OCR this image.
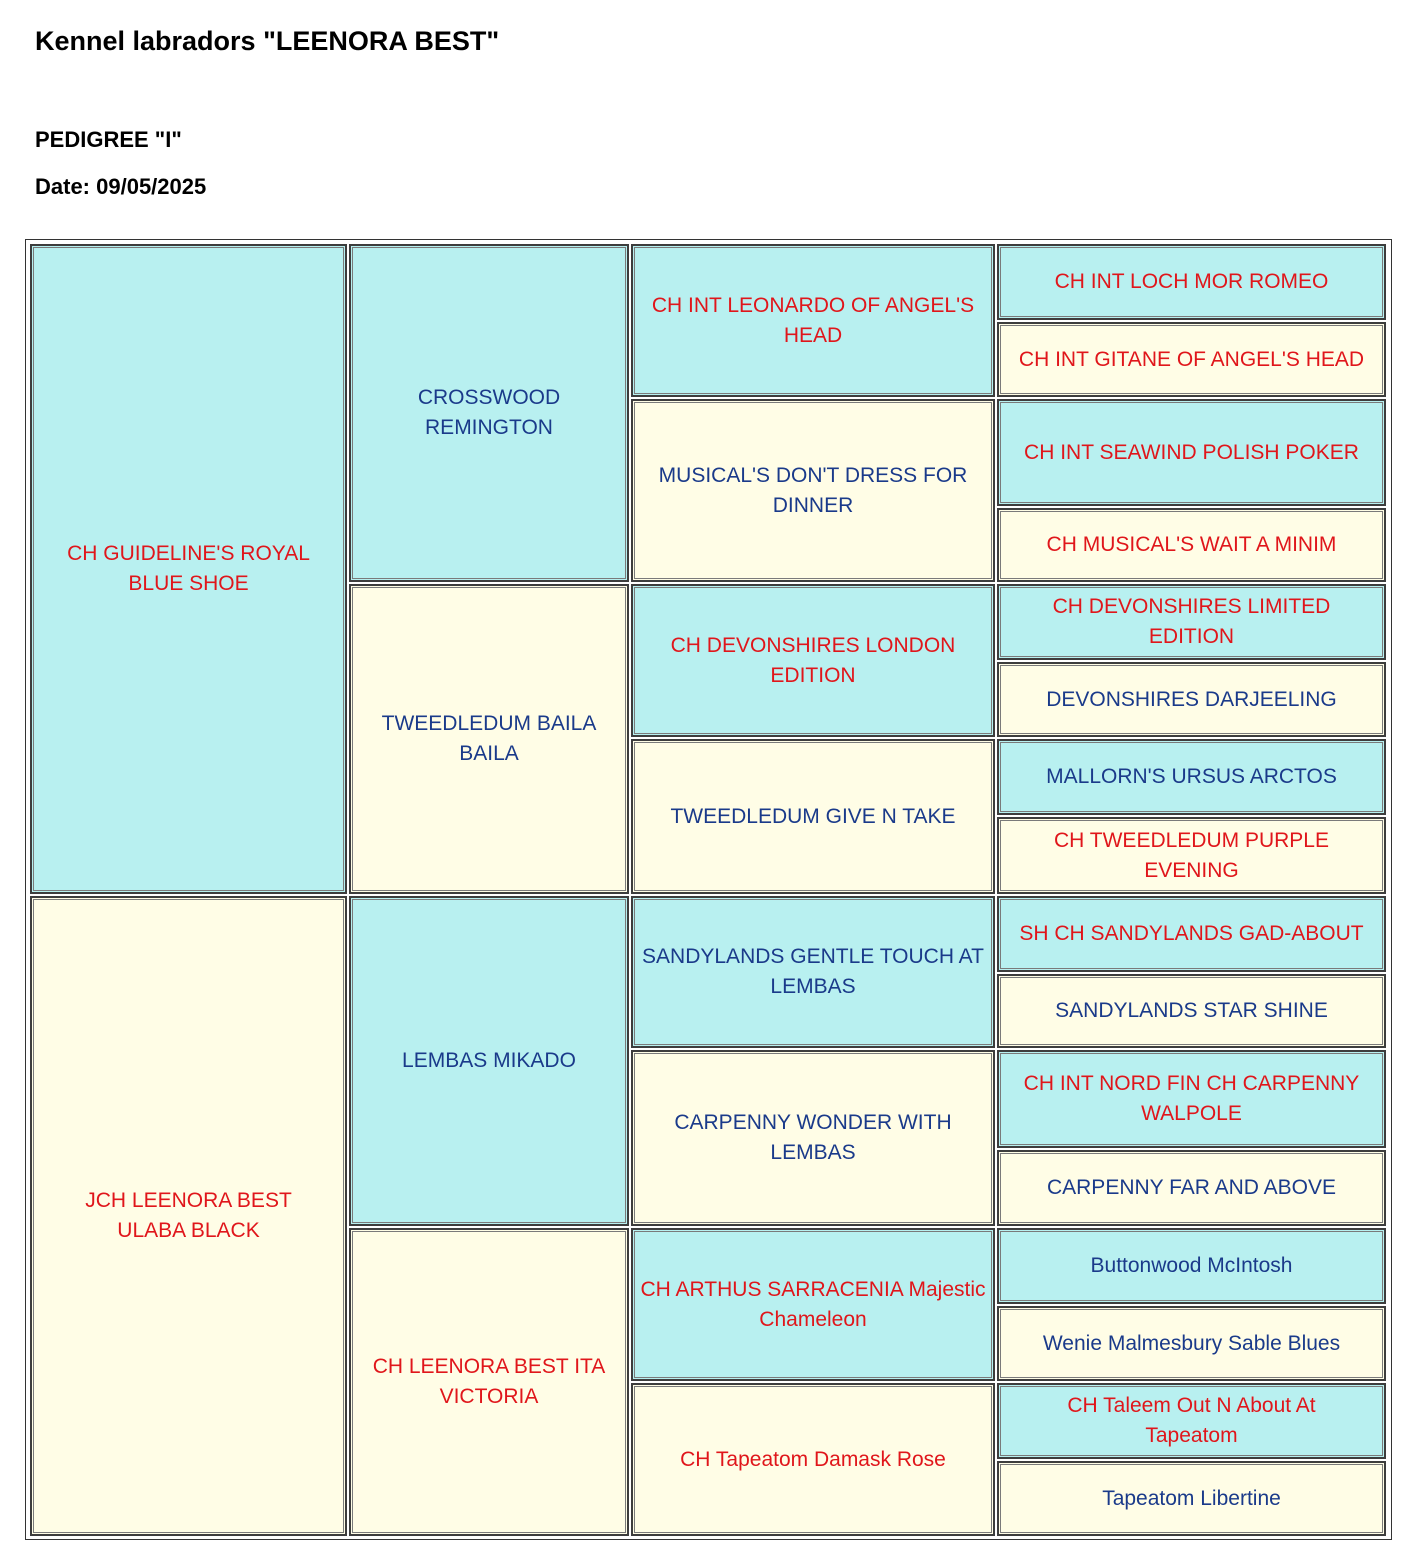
Kennel labradors "LEENORA BEST"
PEDIGREE "I"
Date: 09/05/2025
CH GUIDELINE'S ROYAL BLUE SHOE
JCH LEENORA BEST ULABA BLACK
CROSSWOOD REMINGTON
TWEEDLEDUM BAILA BAILA
LEMBAS MIKADO
CH LEENORA BEST ITA VICTORIA
CH INT LEONARDO OF ANGEL'S HEAD
MUSICAL'S DON'T DRESS FOR DINNER
CH DEVONSHIRES LONDON EDITION
TWEEDLEDUM GIVE N TAKE
SANDYLANDS GENTLE TOUCH AT LEMBAS
CARPENNY WONDER WITH LEMBAS
CH ARTHUS SARRACENIA Majestic Chameleon
CH Tapeatom Damask Rose
CH INT LOCH MOR ROMEO
CH INT GITANE OF ANGEL'S HEAD
CH INT SEAWIND POLISH POKER
CH MUSICAL'S WAIT A MINIM
CH DEVONSHIRES LIMITED EDITION
DEVONSHIRES DARJEELING
MALLORN'S URSUS ARCTOS
CH TWEEDLEDUM PURPLE EVENING
SH CH SANDYLANDS GAD-ABOUT
SANDYLANDS STAR SHINE
CH INT NORD FIN CH CARPENNY WALPOLE
CARPENNY FAR AND ABOVE
Buttonwood McIntosh
Wenie Malmesbury Sable Blues
CH Taleem Out N About At Tapeatom
Tapeatom Libertine
